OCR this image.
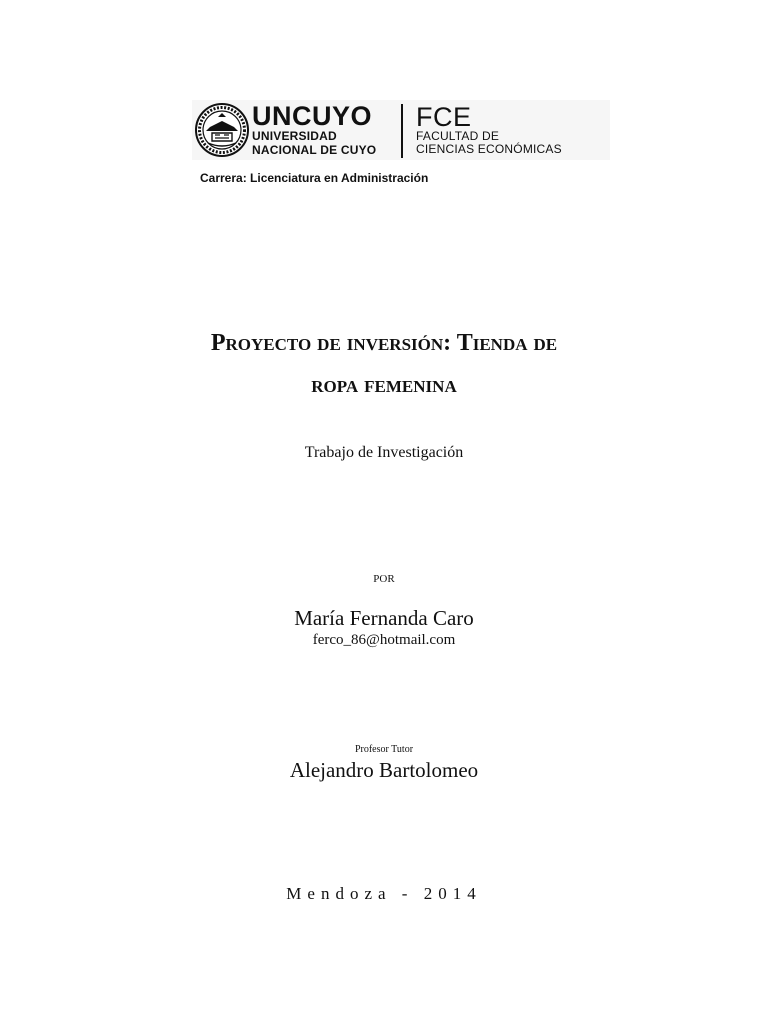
UNCUYO
UNIVERSIDAD
NACIONAL DE CUYO
FCE
FACULTAD DE
CIENCIAS ECONÓMICAS
Carrera: Licenciatura en Administración
Proyecto de inversión: Tienda de
ropa femenina
Trabajo de Investigación
POR
María Fernanda Caro
ferco_86@hotmail.com
Profesor Tutor
Alejandro Bartolomeo
Mendoza - 2014
